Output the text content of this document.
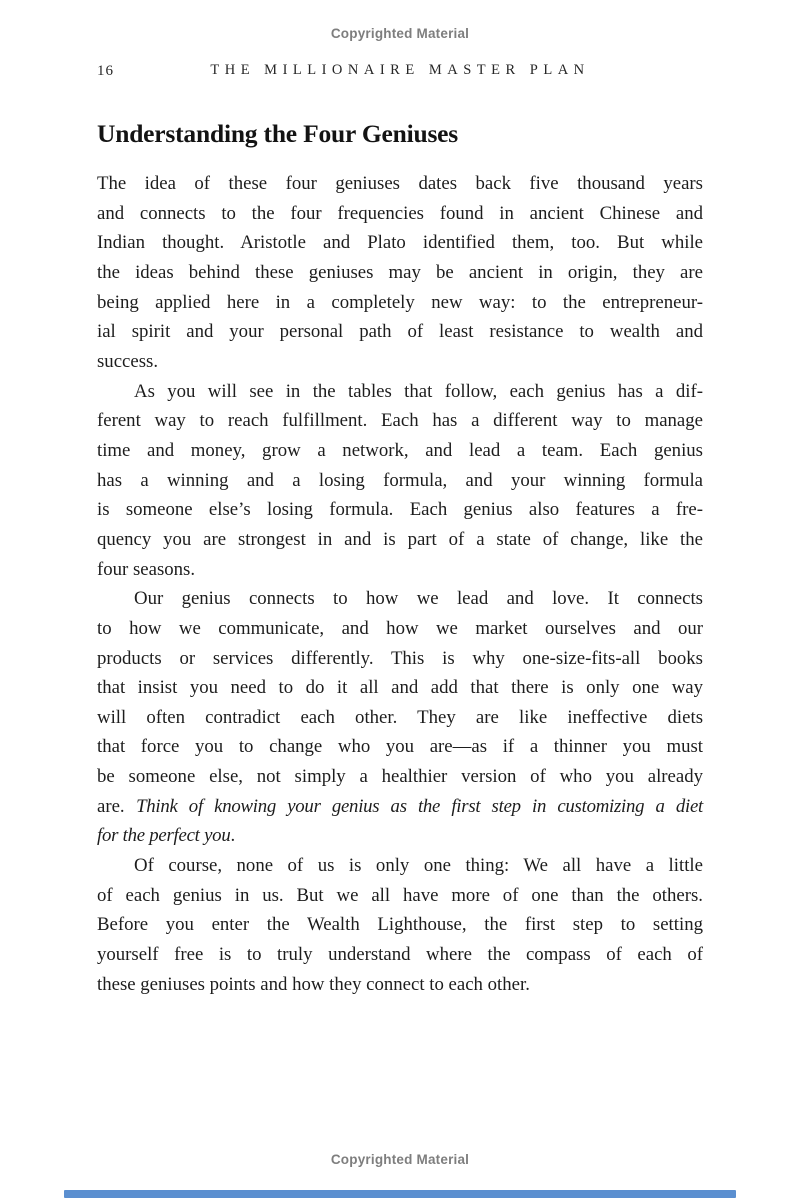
Copyrighted Material
16	THE MILLIONAIRE MASTER PLAN
Understanding the Four Geniuses
The idea of these four geniuses dates back five thousand years
and connects to the four frequencies found in ancient Chinese and
Indian thought. Aristotle and Plato identified them, too. But while
the ideas behind these geniuses may be ancient in origin, they are
being applied here in a completely new way: to the entrepreneur-
ial spirit and your personal path of least resistance to wealth and
success.
As you will see in the tables that follow, each genius has a dif-
ferent way to reach fulfillment. Each has a different way to manage
time and money, grow a network, and lead a team. Each genius
has a winning and a losing formula, and your winning formula
is someone else’s losing formula. Each genius also features a fre-
quency you are strongest in and is part of a state of change, like the
four seasons.
Our genius connects to how we lead and love. It connects
to how we communicate, and how we market ourselves and our
products or services differently. This is why one-size-fits-all books
that insist you need to do it all and add that there is only one way
will often contradict each other. They are like ineffective diets
that force you to change who you are—as if a thinner you must
be someone else, not simply a healthier version of who you already
are. Think of knowing your genius as the first step in customizing a diet
for the perfect you.
Of course, none of us is only one thing: We all have a little
of each genius in us. But we all have more of one than the others.
Before you enter the Wealth Lighthouse, the first step to setting
yourself free is to truly understand where the compass of each of
these geniuses points and how they connect to each other.
Copyrighted Material
